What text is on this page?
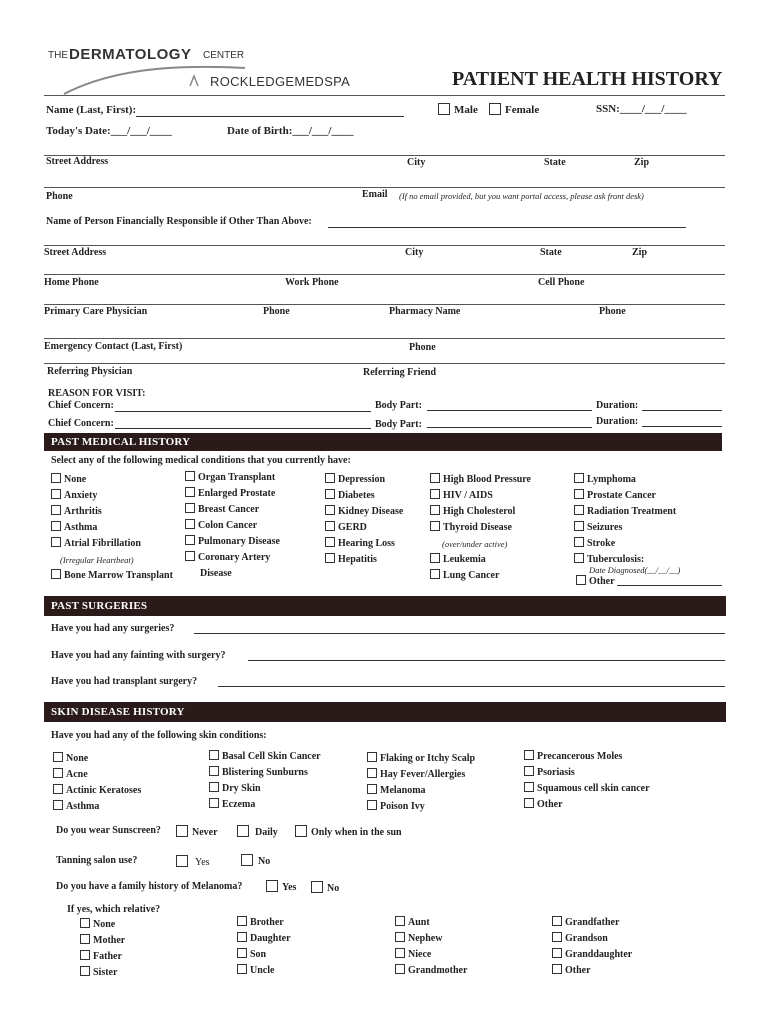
THE DERMATOLOGY CENTER
ROCKLEDGEMEDSPA	PATIENT HEALTH HISTORY
Name (Last, First):	Male	Female	SSN:____/___/____
Today's Date:___/___/____	Date of Birth:___/___/____
Street Address	City	State	Zip
Phone	Email (If no email provided, but you want portal access, please ask front desk)
Name of Person Financially Responsible if Other Than Above:
Street Address	City	State	Zip
Home Phone	Work Phone	Cell Phone
Primary Care Physician	Phone	Pharmacy Name	Phone
Emergency Contact (Last, First)	Phone
Referring Physician	Referring Friend
REASON FOR VISIT:
Chief Concern:	Body Part:	Duration:
Chief Concern:	Body Part:	Duration:
PAST MEDICAL HISTORY
Select any of the following medical conditions that you currently have:
None
Anxiety
Arthritis
Asthma
Atrial Fibrillation
(Irregular Heartbeat)
Bone Marrow Transplant
Organ Transplant
Enlarged Prostate
Breast Cancer
Colon Cancer
Pulmonary Disease
Coronary Artery
Disease
Depression
Diabetes
Kidney Disease
GERD
Hearing Loss
Hepatitis
High Blood Pressure
HIV / AIDS
High Cholesterol
Thyroid Disease
(over/under active)
Leukemia
Lung Cancer
Lymphoma
Prostate Cancer
Radiation Treatment
Seizures
Stroke
Tuberculosis:
Date Diagnosed(__/__/__)
Other
PAST SURGERIES
Have you had any surgeries?
Have you had any fainting with surgery?
Have you had transplant surgery?
SKIN DISEASE HISTORY
Have you had any of the following skin conditions:
None
Acne
Actinic Keratoses
Asthma
Basal Cell Skin Cancer
Blistering Sunburns
Dry Skin
Eczema
Flaking or Itchy Scalp
Hay Fever/Allergies
Melanoma
Poison Ivy
Precancerous Moles
Psoriasis
Squamous cell skin cancer
Other
Do you wear Sunscreen?	Never	Daily	Only when in the sun
Tanning salon use?	Yes	No
Do you have a family history of Melanoma?	Yes	No
If yes, which relative?
None
Mother
Father
Sister
Brother
Daughter
Son
Uncle
Aunt
Nephew
Niece
Grandmother
Grandfather
Grandson
Granddaughter
Other
